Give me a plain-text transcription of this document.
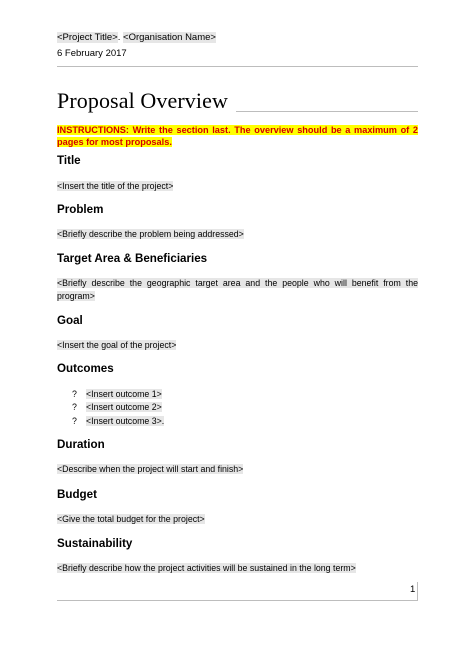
<Project Title>. <Organisation Name>
6 February 2017
Proposal Overview
INSTRUCTIONS: Write the section last. The overview should be a maximum of 2 pages for most proposals.
Title
<Insert the title of the project>
Problem
<Briefly describe the problem being addressed>
Target Area & Beneficiaries
<Briefly describe the geographic target area and the people who will benefit from the program>
Goal
<Insert the goal of the project>
Outcomes
? <Insert outcome 1>
? <Insert outcome 2>
? <Insert outcome 3>.
Duration
<Describe when the project will start and finish>
Budget
<Give the total budget for the project>
Sustainability
<Briefly describe how the project activities will be sustained in the long term>
1
